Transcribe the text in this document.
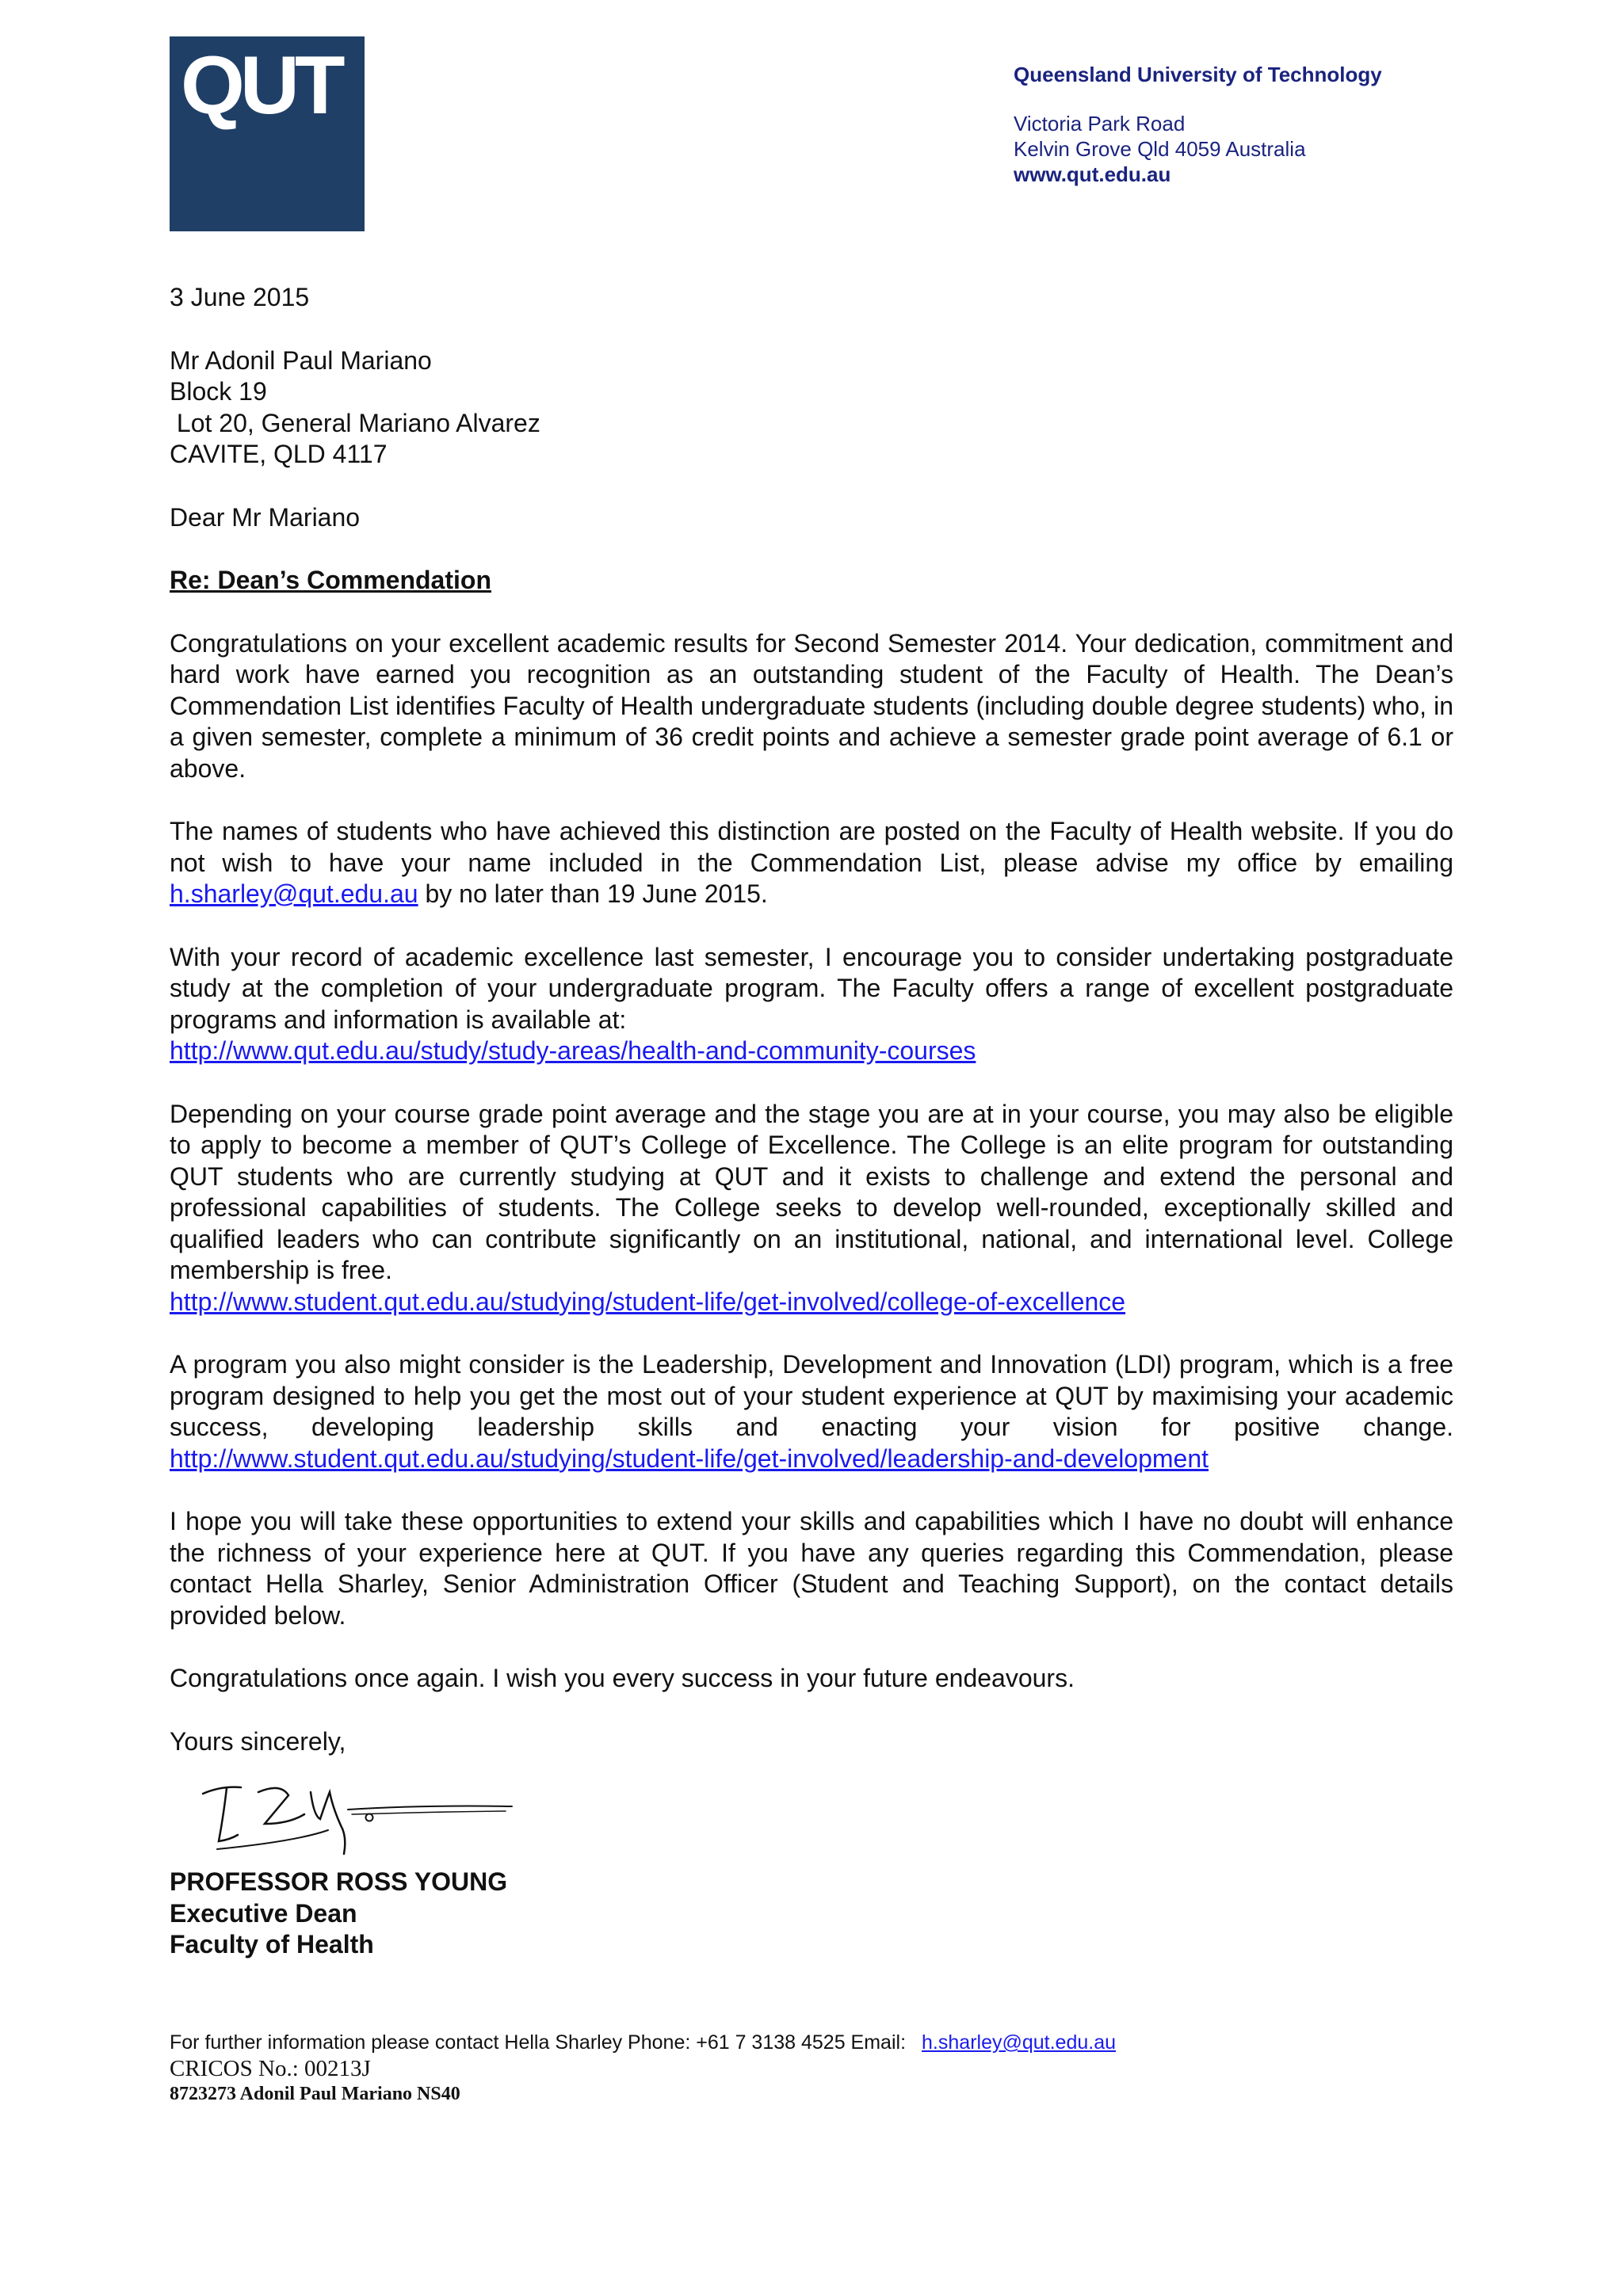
QUT	Queensland University of Technology
Victoria Park Road
Kelvin Grove Qld 4059 Australia
www.qut.edu.au

3 June 2015

Mr Adonil Paul Mariano

Block 19

Lot 20, General Mariano Alvarez

CAVITE, QLD 4117

Dear Mr Mariano

Re: Dean’s Commendation

Congratulations on your excellent academic results for Second Semester 2014. Your dedication, commitment and hard work have earned you recognition as an outstanding student of the Faculty of Health. The Dean’s Commendation List identifies Faculty of Health undergraduate students (including double degree students) who, in a given semester, complete a minimum of 36 credit points and achieve a semester grade point average of 6.1 or above.

The names of students who have achieved this distinction are posted on the Faculty of Health website. If you do not wish to have your name included in the Commendation List, please advise my office by emailing h.sharley@qut.edu.au by no later than 19 June 2015.

With your record of academic excellence last semester, I encourage you to consider undertaking postgraduate study at the completion of your undergraduate program. The Faculty offers a range of excellent postgraduate programs and information is available at:

http://www.qut.edu.au/study/study-areas/health-and-community-courses

Depending on your course grade point average and the stage you are at in your course, you may also be eligible to apply to become a member of QUT’s College of Excellence. The College is an elite program for outstanding QUT students who are currently studying at QUT and it exists to challenge and extend the personal and professional capabilities of students. The College seeks to develop well-rounded, exceptionally skilled and qualified leaders who can contribute significantly on an institutional, national, and international level. College membership is free.

http://www.student.qut.edu.au/studying/student-life/get-involved/college-of-excellence

A program you also might consider is the Leadership, Development and Innovation (LDI) program, which is a free program designed to help you get the most out of your student experience at QUT by maximising your academic success, developing leadership skills and enacting your vision for positive change. http://www.student.qut.edu.au/studying/student-life/get-involved/leadership-and-development

I hope you will take these opportunities to extend your skills and capabilities which I have no doubt will enhance the richness of your experience here at QUT. If you have any queries regarding this Commendation, please contact Hella Sharley, Senior Administration Officer (Student and Teaching Support), on the contact details provided below.

Congratulations once again. I wish you every success in your future endeavours.

Yours sincerely,

PROFESSOR ROSS YOUNG

Executive Dean

Faculty of Health

For further information please contact Hella Sharley Phone: +61 7 3138 4525 Email: h.sharley@qut.edu.au
CRICOS No.: 00213J
8723273 Adonil Paul Mariano NS40
